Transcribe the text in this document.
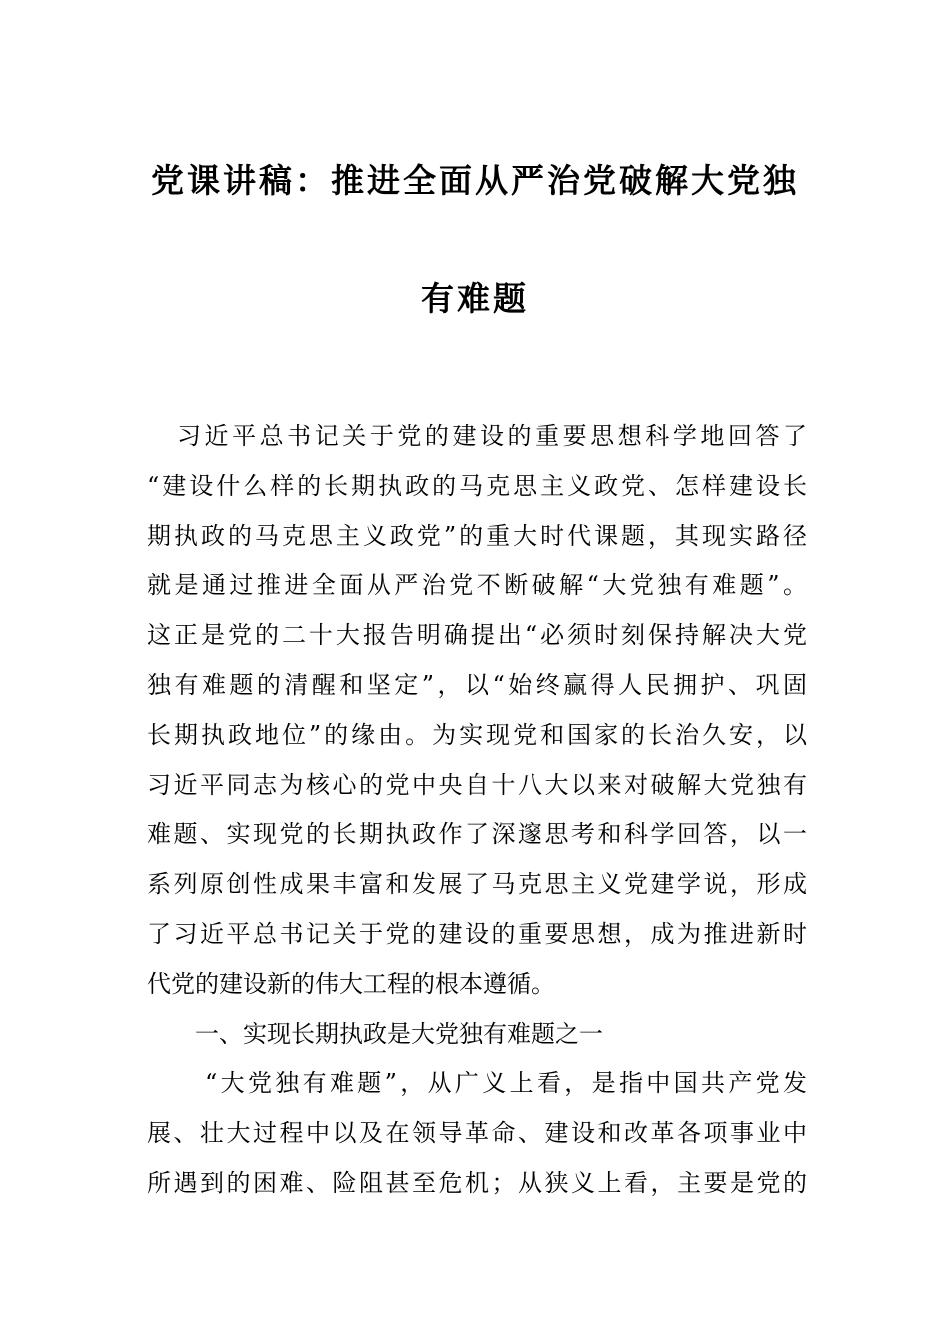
党课讲稿：推进全面从严治党破解大党独
有难题
习近平总书记关于党的建设的重要思想科学地回答了
“建设什么样的长期执政的马克思主义政党、怎样建设长
期执政的马克思主义政党”的重大时代课题，其现实路径
就是通过推进全面从严治党不断破解“大党独有难题”。
这正是党的二十大报告明确提出“必须时刻保持解决大党
独有难题的清醒和坚定”，以“始终赢得人民拥护、巩固
长期执政地位”的缘由。为实现党和国家的长治久安，以
习近平同志为核心的党中央自十八大以来对破解大党独有
难题、实现党的长期执政作了深邃思考和科学回答，以一
系列原创性成果丰富和发展了马克思主义党建学说，形成
了习近平总书记关于党的建设的重要思想，成为推进新时
代党的建设新的伟大工程的根本遵循。
一、实现长期执政是大党独有难题之一
“大党独有难题”，从广义上看，是指中国共产党发
展、壮大过程中以及在领导革命、建设和改革各项事业中
所遇到的困难、险阻甚至危机；从狭义上看，主要是党的
